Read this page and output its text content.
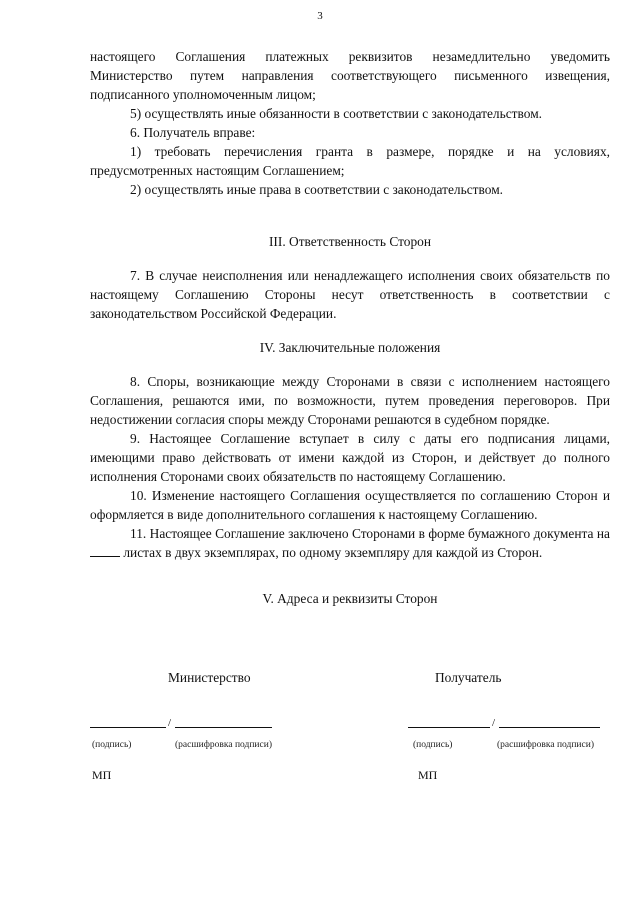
3

настоящего Соглашения платежных реквизитов незамедлительно уведомить Министерство путем направления соответствующего письменного извещения, подписанного уполномоченным лицом;

5) осуществлять иные обязанности в соответствии с законодательством.

6. Получатель вправе:

1) требовать перечисления гранта в размере, порядке и на условиях, предусмотренных настоящим Соглашением;

2) осуществлять иные права в соответствии с законодательством.

III. Ответственность Сторон

7. В случае неисполнения или ненадлежащего исполнения своих обязательств по настоящему Соглашению Стороны несут ответственность в соответствии с законодательством Российской Федерации.

IV. Заключительные положения

8. Споры, возникающие между Сторонами в связи с исполнением настоящего Соглашения, решаются ими, по возможности, путем проведения переговоров. При недостижении согласия споры между Сторонами решаются в судебном порядке.

9. Настоящее Соглашение вступает в силу с даты его подписания лицами, имеющими право действовать от имени каждой из Сторон, и действует до полного исполнения Сторонами своих обязательств по настоящему Соглашению.

10. Изменение настоящего Соглашения осуществляется по соглашению Сторон и оформляется в виде дополнительного соглашения к настоящему Соглашению.

11. Настоящее Соглашение заключено Сторонами в форме бумажного документа на  листах в двух экземплярах, по одному экземпляру для каждой из Сторон.

V. Адреса и реквизиты Сторон

Министерство	Получатель
/	/
(подпись)	(расшифровка подписи)	(подпись)	(расшифровка подписи)
МП	МП
